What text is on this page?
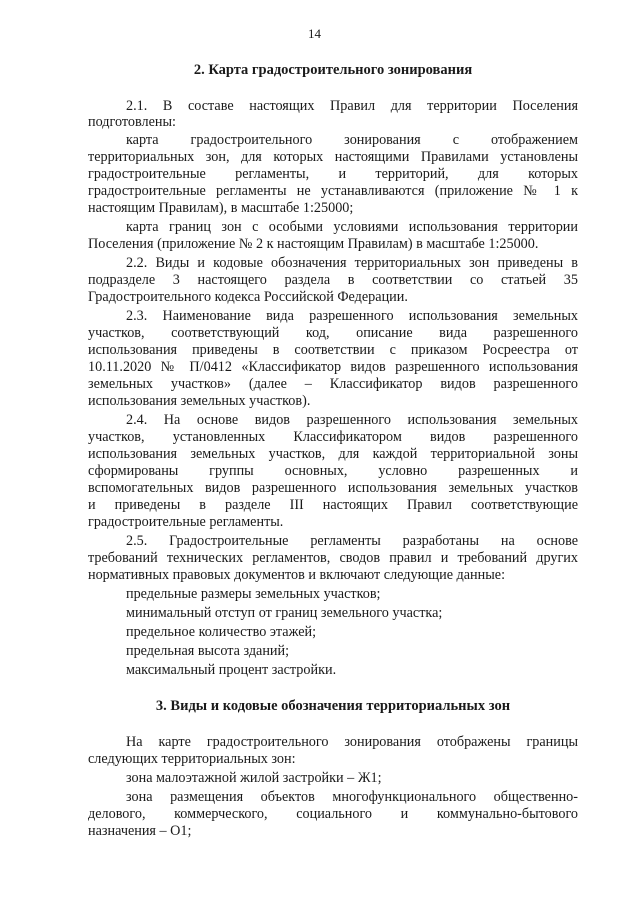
14
2. Карта градостроительного зонирования
2.1. В составе настоящих Правил для территории Поселения
подготовлены:
карта градостроительного зонирования с отображением
территориальных зон, для которых настоящими Правилами установлены
градостроительные регламенты, и территорий, для которых
градостроительные регламенты не устанавливаются (приложение № 1 к
настоящим Правилам), в масштабе 1:25000;
карта границ зон с особыми условиями использования территории
Поселения (приложение № 2 к настоящим Правилам) в масштабе 1:25000.
2.2. Виды и кодовые обозначения территориальных зон приведены в
подразделе 3 настоящего раздела в соответствии со статьей 35
Градостроительного кодекса Российской Федерации.
2.3. Наименование вида разрешенного использования земельных
участков, соответствующий код, описание вида разрешенного
использования приведены в соответствии с приказом Росреестра от
10.11.2020 № П/0412 «Классификатор видов разрешенного использования
земельных участков» (далее – Классификатор видов разрешенного
использования земельных участков).
2.4. На основе видов разрешенного использования земельных
участков, установленных Классификатором видов разрешенного
использования земельных участков, для каждой территориальной зоны
сформированы группы основных, условно разрешенных и
вспомогательных видов разрешенного использования земельных участков
и приведены в разделе III настоящих Правил соответствующие
градостроительные регламенты.
2.5. Градостроительные регламенты разработаны на основе
требований технических регламентов, сводов правил и требований других
нормативных правовых документов и включают следующие данные:
предельные размеры земельных участков;
минимальный отступ от границ земельного участка;
предельное количество этажей;
предельная высота зданий;
максимальный процент застройки.
3. Виды и кодовые обозначения территориальных зон
На карте градостроительного зонирования отображены границы
следующих территориальных зон:
зона малоэтажной жилой застройки – Ж1;
зона размещения объектов многофункционального общественно-
делового, коммерческого, социального и коммунально-бытового
назначения – О1;
